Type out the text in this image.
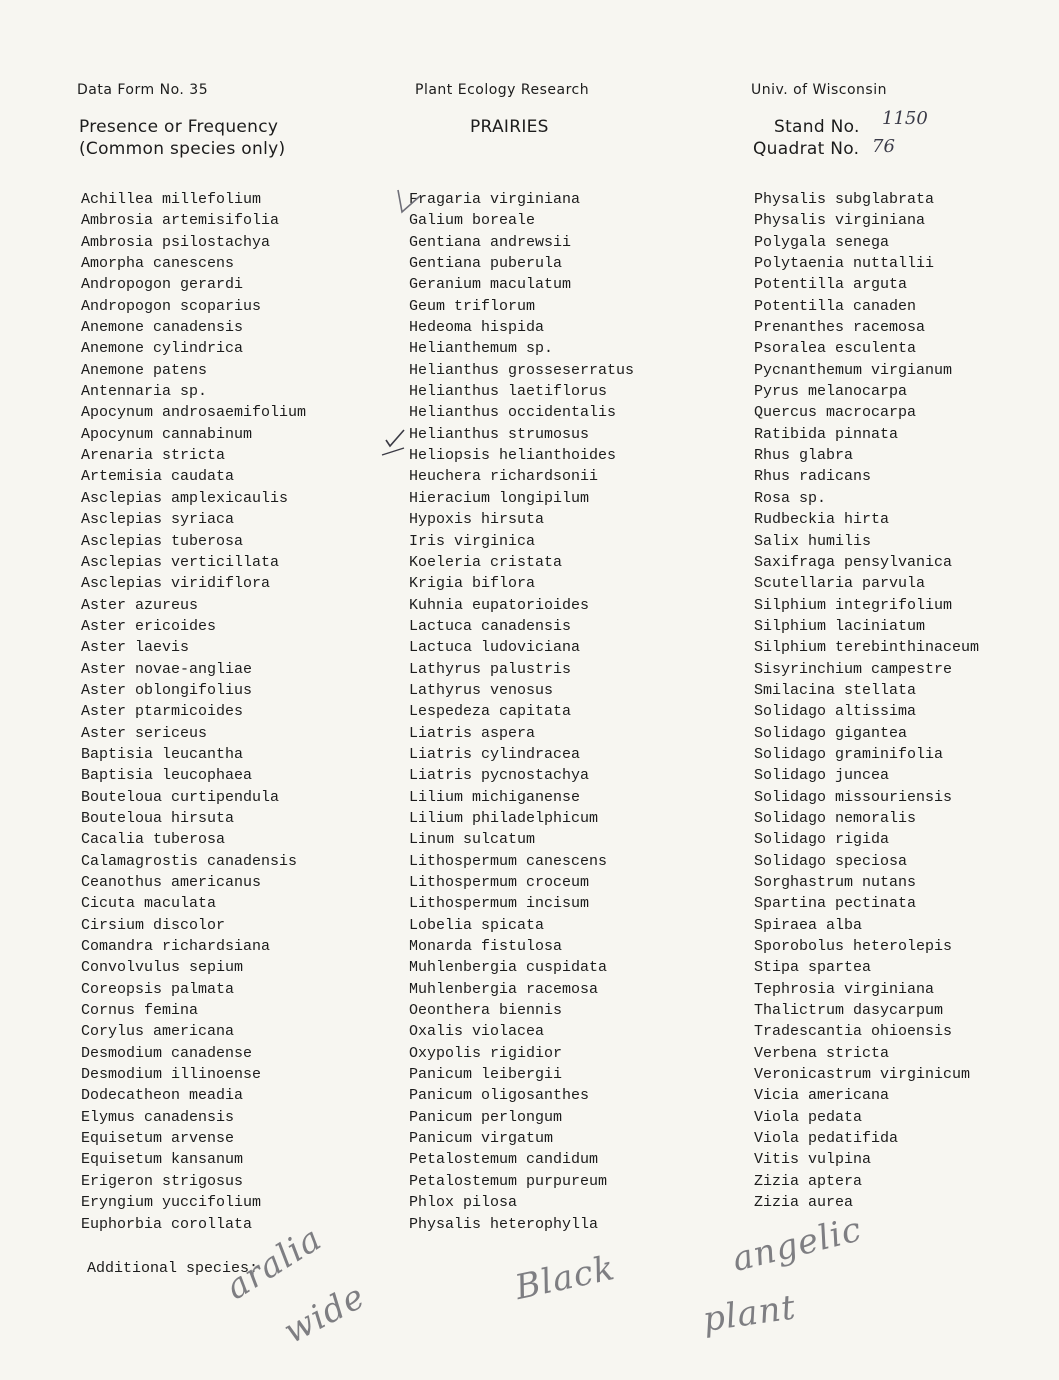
Data Form No. 35	Plant Ecology Research	Univ. of Wisconsin
Presence or Frequency
(Common species only)
PRAIRIES	Stand No.
Quadrat No.
1150
76
Achillea millefolium
Ambrosia artemisifolia
Ambrosia psilostachya
Amorpha canescens
Andropogon gerardi
Andropogon scoparius
Anemone canadensis
Anemone cylindrica
Anemone patens
Antennaria sp.
Apocynum androsaemifolium
Apocynum cannabinum
Arenaria stricta
Artemisia caudata
Asclepias amplexicaulis
Asclepias syriaca
Asclepias tuberosa
Asclepias verticillata
Asclepias viridiflora
Aster azureus
Aster ericoides
Aster laevis
Aster novae-angliae
Aster oblongifolius
Aster ptarmicoides
Aster sericeus
Baptisia leucantha
Baptisia leucophaea
Bouteloua curtipendula
Bouteloua hirsuta
Cacalia tuberosa
Calamagrostis canadensis
Ceanothus americanus
Cicuta maculata
Cirsium discolor
Comandra richardsiana
Convolvulus sepium
Coreopsis palmata
Cornus femina
Corylus americana
Desmodium canadense
Desmodium illinoense
Dodecatheon meadia
Elymus canadensis
Equisetum arvense
Equisetum kansanum
Erigeron strigosus
Eryngium yuccifolium
Euphorbia corollata
Fragaria virginiana
Galium boreale
Gentiana andrewsii
Gentiana puberula
Geranium maculatum
Geum triflorum
Hedeoma hispida
Helianthemum sp.
Helianthus grosseserratus
Helianthus laetiflorus
Helianthus occidentalis
Helianthus strumosus
Heliopsis helianthoides
Heuchera richardsonii
Hieracium longipilum
Hypoxis hirsuta
Iris virginica
Koeleria cristata
Krigia biflora
Kuhnia eupatorioides
Lactuca canadensis
Lactuca ludoviciana
Lathyrus palustris
Lathyrus venosus
Lespedeza capitata
Liatris aspera
Liatris cylindracea
Liatris pycnostachya
Lilium michiganense
Lilium philadelphicum
Linum sulcatum
Lithospermum canescens
Lithospermum croceum
Lithospermum incisum
Lobelia spicata
Monarda fistulosa
Muhlenbergia cuspidata
Muhlenbergia racemosa
Oeonthera biennis
Oxalis violacea
Oxypolis rigidior
Panicum leibergii
Panicum oligosanthes
Panicum perlongum
Panicum virgatum
Petalostemum candidum
Petalostemum purpureum
Phlox pilosa
Physalis heterophylla
Physalis subglabrata
Physalis virginiana
Polygala senega
Polytaenia nuttallii
Potentilla arguta
Potentilla canaden
Prenanthes racemosa
Psoralea esculenta
Pycnanthemum virgianum
Pyrus melanocarpa
Quercus macrocarpa
Ratibida pinnata
Rhus glabra
Rhus radicans
Rosa sp.
Rudbeckia hirta
Salix humilis
Saxifraga pensylvanica
Scutellaria parvula
Silphium integrifolium
Silphium laciniatum
Silphium terebinthinaceum
Sisyrinchium campestre
Smilacina stellata
Solidago altissima
Solidago gigantea
Solidago graminifolia
Solidago juncea
Solidago missouriensis
Solidago nemoralis
Solidago rigida
Solidago speciosa
Sorghastrum nutans
Spartina pectinata
Spiraea alba
Sporobolus heterolepis
Stipa spartea
Tephrosia virginiana
Thalictrum dasycarpum
Tradescantia ohioensis
Verbena stricta
Veronicastrum virginicum
Vicia americana
Viola pedata
Viola pedatifida
Vitis vulpina
Zizia aptera
Zizia aurea
Additional species:
aralia
wide	Black	angelic
plant
